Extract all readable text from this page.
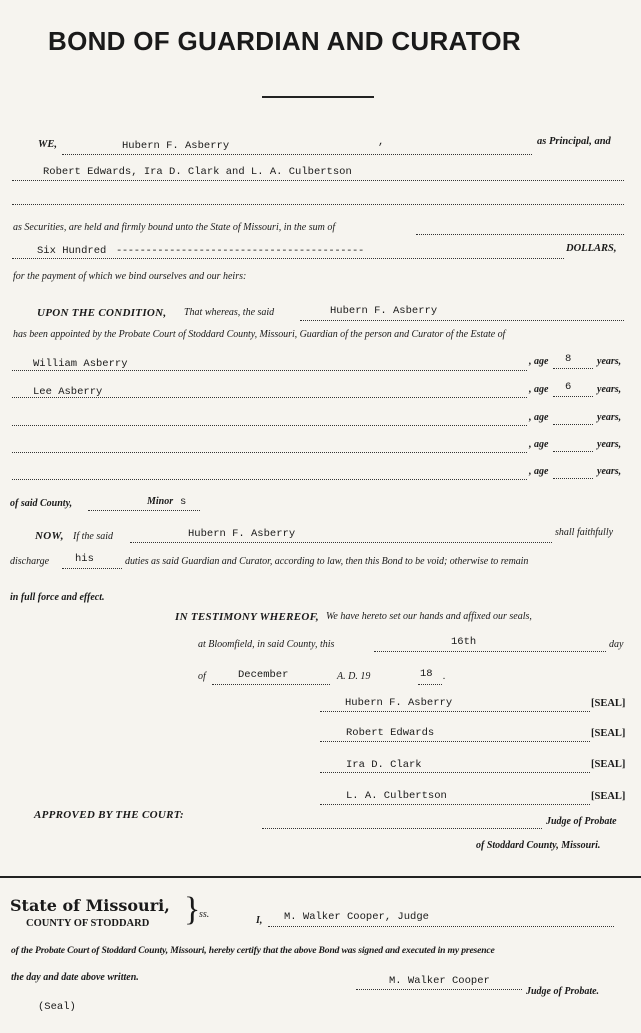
BOND OF GUARDIAN AND CURATOR
WE,	Hubern F. Asberry	,	as Principal, and
Robert Edwards, Ira D. Clark and L. A. Culbertson
as Securities, are held and firmly bound unto the State of Missouri, in the sum of
Six Hundred ------------------------------------------	DOLLARS,
for the payment of which we bind ourselves and our heirs:
UPON THE CONDITION, That whereas, the said	Hubern F. Asberry
has been appointed by the Probate Court of Stoddard County, Missouri, Guardian of the person and Curator of the Estate of
William Asberry	, age 8	years,
Lee Asberry	, age 6	years,
, age	years,
, age	years,
, age	years,
of said County,	Minor s
NOW, If the said	Hubern F. Asberry	shall faithfully
discharge his	duties as said Guardian and Curator, according to law, then this Bond to be void; otherwise to remain
in full force and effect.
IN TESTIMONY WHEREOF, We have hereto set our hands and affixed our seals,
at Bloomfield, in said County, this	16th	day
of	December	A. D. 19	18 .
Hubern F. Asberry	[SEAL]
Robert Edwards	[SEAL]
Ira D. Clark	[SEAL]
L. A. Culbertson	[SEAL]
APPROVED BY THE COURT:
Judge of Probate
of Stoddard County, Missouri.
State of Missouri,
COUNTY OF STODDARD }
ss.
I, M. Walker Cooper, Judge
of the Probate Court of Stoddard County, Missouri, hereby certify that the above Bond was signed and executed in my presence
the day and date above written.	M. Walker Cooper
Judge of Probate.
(Seal)
